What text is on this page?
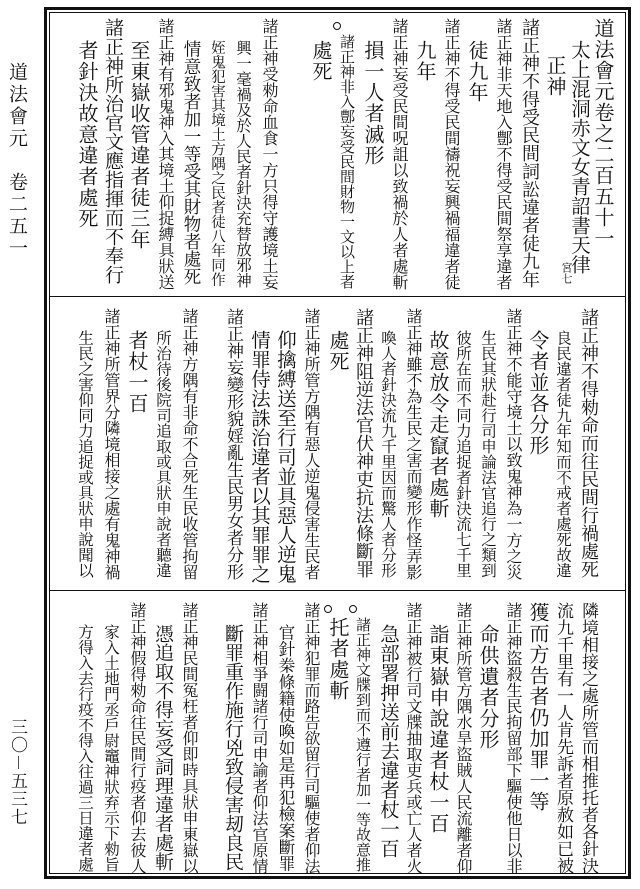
道法會元　卷二五一
三〇－五三七
道法會元卷之二百五十一
太上混洞赤文女青詔書天律
宮七
正神
諸正神不得受民間詞訟違者徒九年
諸正神非天地入鄷不得受民間祭享違者
徒九年
諸正神不得受民間禱祝妄興禍福違者徒
九年
諸正神妄受民間呪詛以致禍於人者處斬
損一人者滅形
諸正神非入鄷妄受民間財物一文以上者
處死
諸正神受勑命血食一方只得守護境土妄
興一毫禍及於人民者針決充替放邪神
姪鬼犯害其境土方隅之民者徒八年同作
情意致者加一等受其財物者處死
諸正神有邪鬼神入其境土仰捉縛具狀送
至東嶽收管違者徒三年
諸正神所治官文應指揮而不奉行
者針決故意違者處死
諸正神不得勑命而往民間行禍處死
良民違者徒九年知而不戒者處死故違
令者並各分形
諸正神不能守境土以致鬼神為一方之災
生民其狀赴行司申論法官追行之類到
彼所在而不同力追捉者針決流七千里
故意放令走竄者處斬
諸正神雖不為生民之害而變形作怪弄影
喚人者針決流九千里因而驚人者分形
諸正神阻逆法官伏神吏抗法條斷罪
處死
諸正神所管方隅有惡人逆鬼侵害生民者
仰擒縛送至行司並具惡人逆鬼
情罪侍法誅治違者以其罪罪之
諸正神妄變形貌婬亂生民男女者分形
諸正神方隅有非命不合死生民收管拘留
所治待後院司追取或具狀申說者聽違
者杖一百
諸正神所管界分隣境相接之處有鬼神禍
生民之害仰同力追捉或具狀申說聞以
隣境相接之處所管而相推托者各針決
流九千里有一人肯先訴者原赦如已被
獲而方告者仍加罪一等
諸正神盜殺生民拘留部下驅使他日以非
命供遺者分形
諸正神所管方隅水旱盜賊人民流離者仰
詣東嶽申說違者杖一百
諸正神被行司文牒抽取吏兵或亡人者火
急部署押送前去違者杖一百
諸正神文牒到而不遵行者加一等故意推
托者處斬
諸正神犯罪而路告欲留行司驅使者仰法
官針桊條籍使喚如是再犯檢案斷罪
諸正神相爭闘諸行司申諭者仰法官原情
斷罪重作施行兇致侵害刼良民
諸正神民間冤枉者仰即時具狀申東嶽以
憑追取不得妄受詞理違者處斬
諸正神假得勑命往民間行疫者仰去彼人
家入土地門丞戶尉竈神狀弃示下勑旨
方得入去行疫不得入往過三日違者處
